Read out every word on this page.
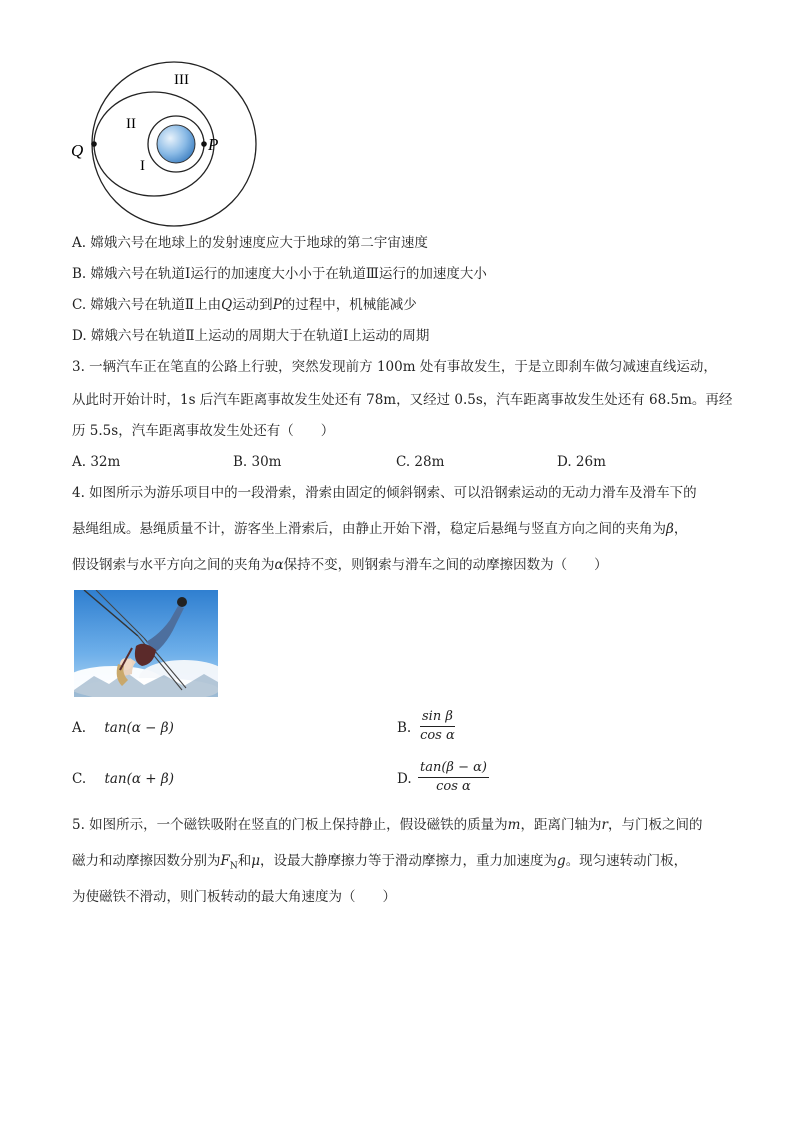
III
II
I
Q	P
A. 嫦娥六号在地球上的发射速度应大于地球的第二宇宙速度
B. 嫦娥六号在轨道Ⅰ运行的加速度大小小于在轨道Ⅲ运行的加速度大小
C. 嫦娥六号在轨道Ⅱ上由Q运动到P的过程中，机械能减少
D. 嫦娥六号在轨道Ⅱ上运动的周期大于在轨道Ⅰ上运动的周期
3. 一辆汽车正在笔直的公路上行驶，突然发现前方 100m 处有事故发生，于是立即刹车做匀减速直线运动，
从此时开始计时，1s 后汽车距离事故发生处还有 78m，又经过 0.5s，汽车距离事故发生处还有 68.5m。再经
历 5.5s，汽车距离事故发生处还有（　　）
A. 32m	B. 30m	C. 28m	D. 26m
4. 如图所示为游乐项目中的一段滑索，滑索由固定的倾斜钢索、可以沿钢索运动的无动力滑车及滑车下的
悬绳组成。悬绳质量不计，游客坐上滑索后，由静止开始下滑，稳定后悬绳与竖直方向之间的夹角为β，
假设钢索与水平方向之间的夹角为α保持不变，则钢索与滑车之间的动摩擦因数为（　　）
A. tan(α − β)	B. $\frac{\text{sin β}}{\text{cos α}}$
C. tan(α + β)	D. $\frac{\tan(\beta - \alpha)}{\text{cos α}}$
5. 如图所示，一个磁铁吸附在竖直的门板上保持静止，假设磁铁的质量为m，距离门轴为r，与门板之间的
磁力和动摩擦因数分别为$F_N$和μ，设最大静摩擦力等于滑动摩擦力，重力加速度为g。现匀速转动门板，
为使磁铁不滑动，则门板转动的最大角速度为（　　）
